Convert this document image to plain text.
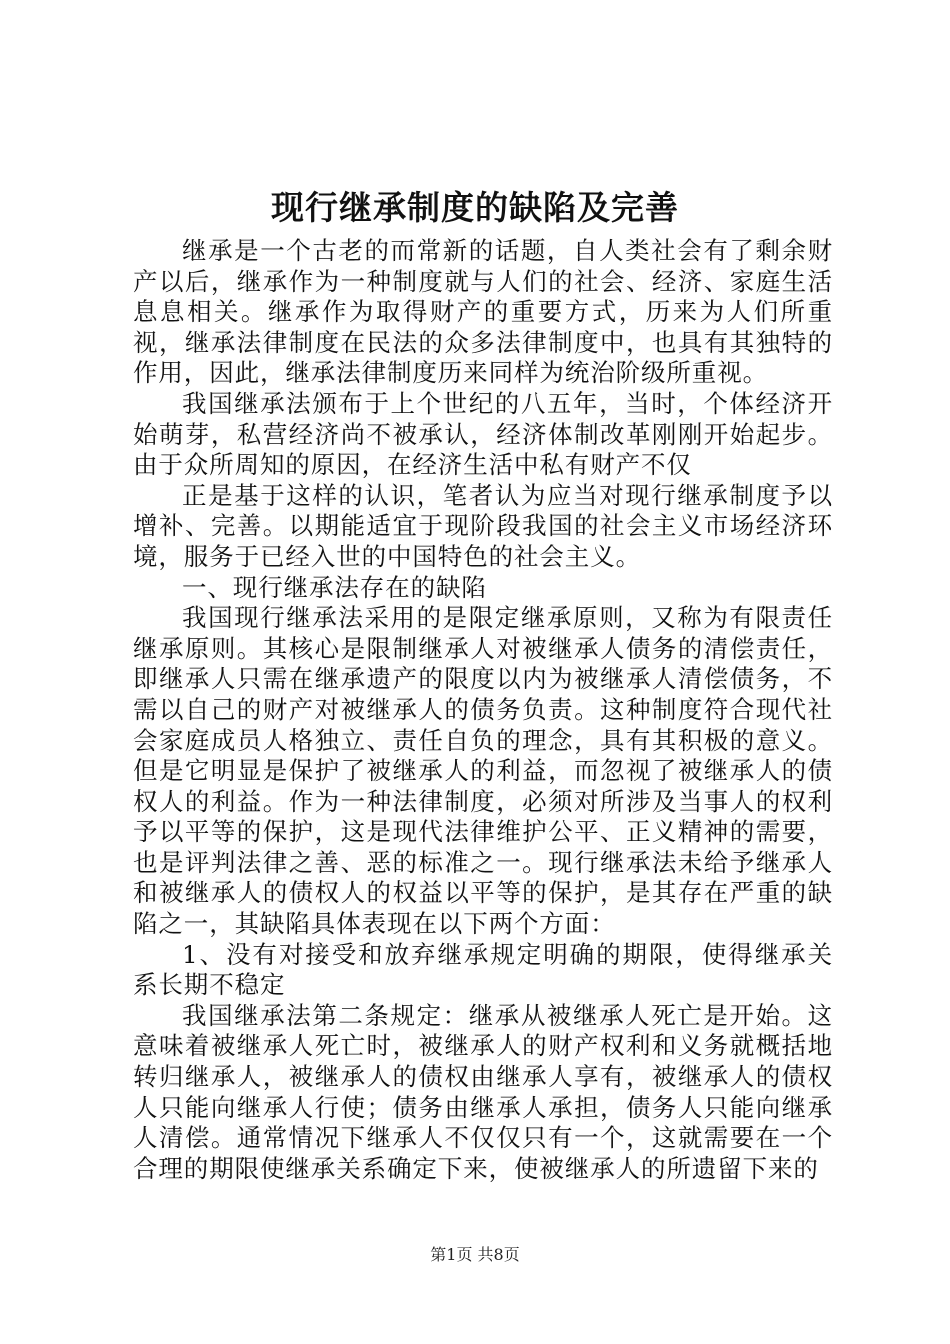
现行继承制度的缺陷及完善

继承是一个古老的而常新的话题，自人类社会有了剩余财产以后，继承作为一种制度就与人们的社会、经济、家庭生活息息相关。继承作为取得财产的重要方式，历来为人们所重视，继承法律制度在民法的众多法律制度中，也具有其独特的作用，因此，继承法律制度历来同样为统治阶级所重视。

我国继承法颁布于上个世纪的八五年，当时，个体经济开始萌芽，私营经济尚不被承认，经济体制改革刚刚开始起步。由于众所周知的原因，在经济生活中私有财产不仅

正是基于这样的认识，笔者认为应当对现行继承制度予以增补、完善。以期能适宜于现阶段我国的社会主义市场经济环境，服务于已经入世的中国特色的社会主义。

一、现行继承法存在的缺陷

我国现行继承法采用的是限定继承原则，又称为有限责任继承原则。其核心是限制继承人对被继承人债务的清偿责任，即继承人只需在继承遗产的限度以内为被继承人清偿债务，不需以自己的财产对被继承人的债务负责。这种制度符合现代社会家庭成员人格独立、责任自负的理念，具有其积极的意义。但是它明显是保护了被继承人的利益，而忽视了被继承人的债权人的利益。作为一种法律制度，必须对所涉及当事人的权利予以平等的保护，这是现代法律维护公平、正义精神的需要，也是评判法律之善、恶的标准之一。现行继承法未给予继承人和被继承人的债权人的权益以平等的保护，是其存在严重的缺陷之一，其缺陷具体表现在以下两个方面：

1、没有对接受和放弃继承规定明确的期限，使得继承关系长期不稳定

我国继承法第二条规定：继承从被继承人死亡是开始。这意味着被继承人死亡时，被继承人的财产权利和义务就概括地转归继承人，被继承人的债权由继承人享有，被继承人的债权人只能向继承人行使；债务由继承人承担，债务人只能向继承人清偿。通常情况下继承人不仅仅只有一个，这就需要在一个合理的期限使继承关系确定下来，使被继承人的所遗留下来的

第1页 共8页
